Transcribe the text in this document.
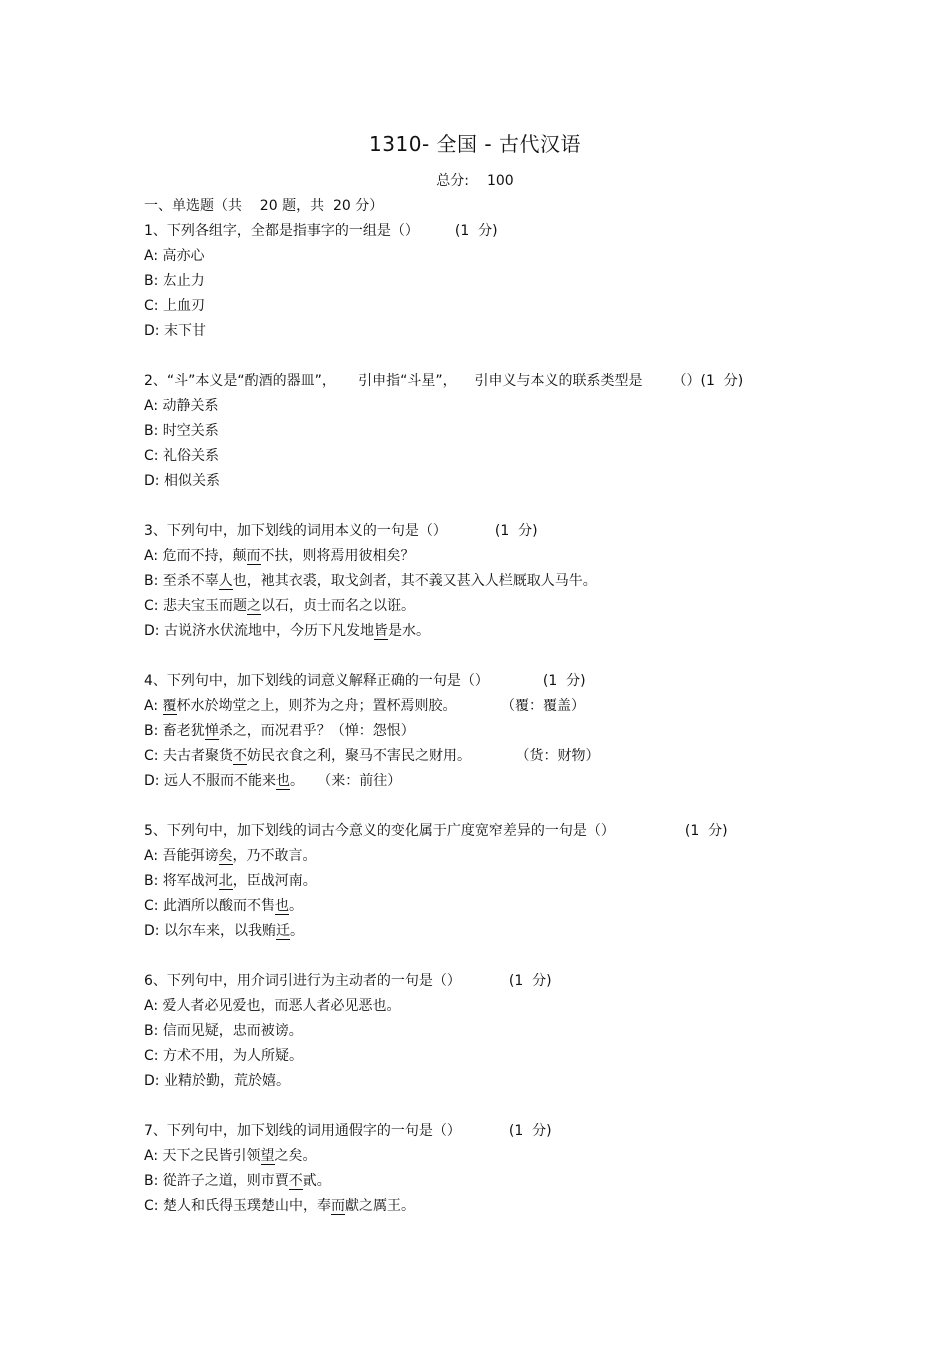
1310- 全国 - 古代汉语
总分: 100
一、单选题（共    20 题，共  20 分）
1、下列各组字，全都是指事字的一组是（）	(1  分)
A: 高亦心
B: 厷止力
C: 上血刃
D: 末下甘
2、“斗”本义是“酌酒的器皿”，     引申指“斗星”，    引申义与本义的联系类型是 （）(1  分)
A: 动静关系
B: 时空关系
C: 礼俗关系
D: 相似关系
3、下列句中，加下划线的词用本义的一句是（）	(1  分)
A: 危而不持，颠而不扶，则将焉用彼相矣？
B: 至杀不辜人也，衪其衣裘，取戈剑者，其不義又甚入人栏厩取人马牛。
C: 悲夫宝玉而题之以石，贞士而名之以诳。
D: 古说济水伏流地中，今历下凡发地皆是水。
4、下列句中，加下划线的词意义解释正确的一句是（）	(1  分)
A: 覆杯水於坳堂之上，则芥为之舟；置杯焉则胶。          （覆：覆盖）
B: 畜老犹惮杀之，而况君乎？（惮：怨恨）
C: 夫古者聚货不妨民衣食之利，聚马不害民之财用。          （货：财物）
D: 远人不服而不能来也。   （来：前往）
5、下列句中，加下划线的词古今意义的变化属于广度宽窄差异的一句是（）	(1  分)
A: 吾能弭谤矣，乃不敢言。
B: 将军战河北，臣战河南。
C: 此酒所以酸而不售也。
D: 以尔车来，以我贿迁。
6、下列句中，用介词引进行为主动者的一句是（）	(1  分)
A: 爱人者必见爱也，而恶人者必见恶也。
B: 信而见疑，忠而被谤。
C: 方术不用，为人所疑。
D: 业精於勤，荒於嬉。
7、下列句中，加下划线的词用通假字的一句是（）	(1  分)
A: 天下之民皆引领望之矣。
B: 從許子之道，则市賈不貳。
C: 楚人和氏得玉璞楚山中，奉而獻之厲王。
